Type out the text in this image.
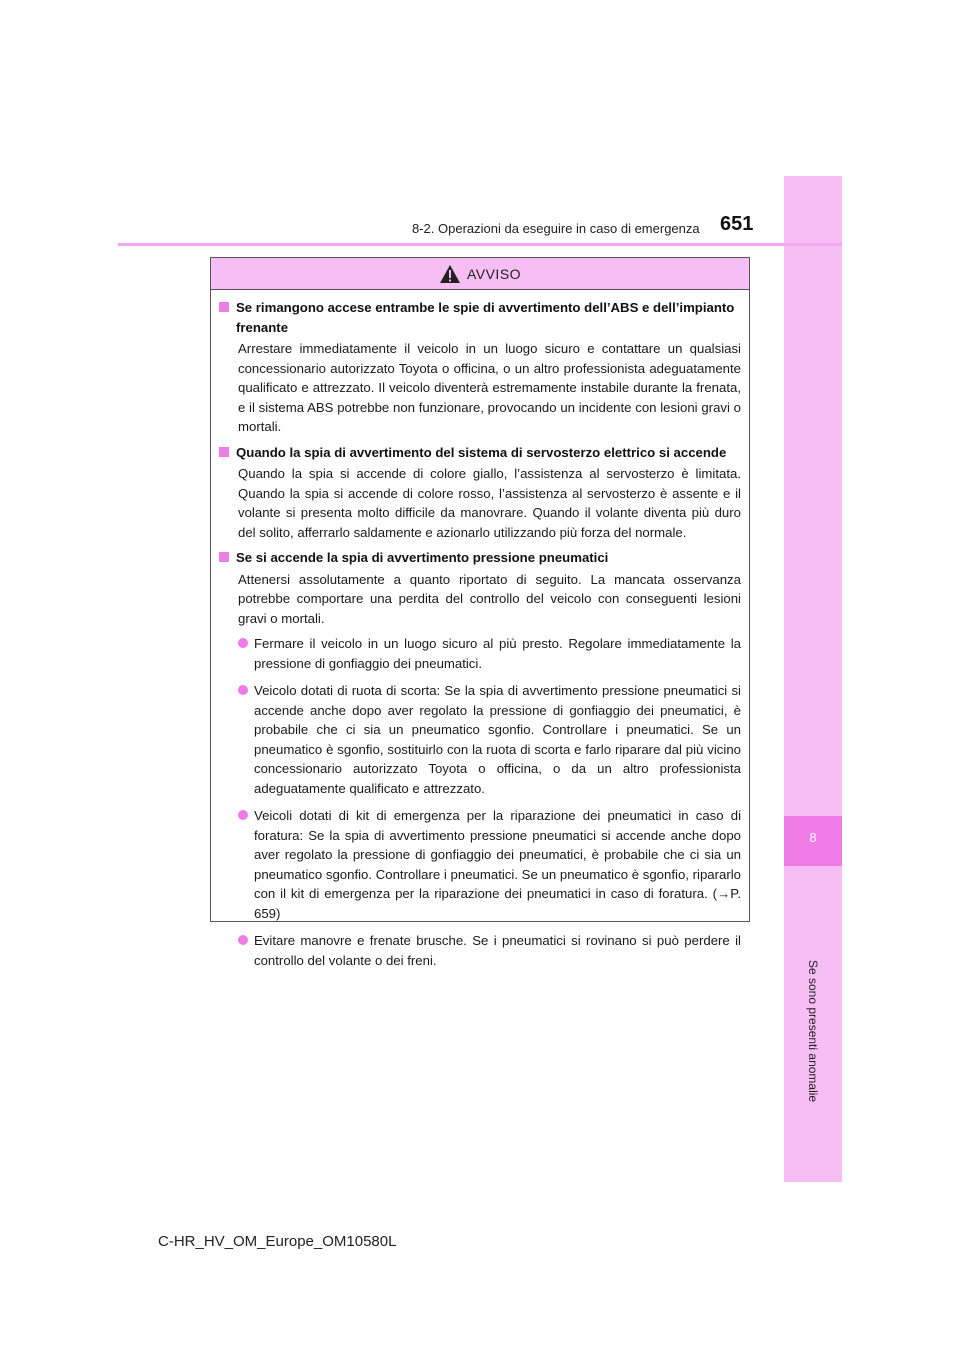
8
Se sono presenti anomalie
8-2. Operazioni da eseguire in caso di emergenza 651
AVVISO
Se rimangono accese entrambe le spie di avvertimento dell’ABS e dell’impianto frenante
Arrestare immediatamente il veicolo in un luogo sicuro e contattare un qualsiasi concessionario autorizzato Toyota o officina, o un altro professionista adeguatamente qualificato e attrezzato. Il veicolo diventerà estremamente instabile durante la frenata, e il sistema ABS potrebbe non funzionare, provocando un incidente con lesioni gravi o mortali.
Quando la spia di avvertimento del sistema di servosterzo elettrico si accende
Quando la spia si accende di colore giallo, l’assistenza al servosterzo è limitata. Quando la spia si accende di colore rosso, l’assistenza al servosterzo è assente e il volante si presenta molto difficile da manovrare. Quando il volante diventa più duro del solito, afferrarlo saldamente e azionarlo utilizzando più forza del normale.
Se si accende la spia di avvertimento pressione pneumatici
Attenersi assolutamente a quanto riportato di seguito. La mancata osservanza potrebbe comportare una perdita del controllo del veicolo con conseguenti lesioni gravi o mortali.
Fermare il veicolo in un luogo sicuro al più presto. Regolare immediatamente la pressione di gonfiaggio dei pneumatici.
Veicolo dotati di ruota di scorta: Se la spia di avvertimento pressione pneumatici si accende anche dopo aver regolato la pressione di gonfiaggio dei pneumatici, è probabile che ci sia un pneumatico sgonfio. Controllare i pneumatici. Se un pneumatico è sgonfio, sostituirlo con la ruota di scorta e farlo riparare dal più vicino concessionario autorizzato Toyota o officina, o da un altro professionista adeguatamente qualificato e attrezzato.
Veicoli dotati di kit di emergenza per la riparazione dei pneumatici in caso di foratura: Se la spia di avvertimento pressione pneumatici si accende anche dopo aver regolato la pressione di gonfiaggio dei pneumatici, è probabile che ci sia un pneumatico sgonfio. Controllare i pneumatici. Se un pneumatico è sgonfio, ripararlo con il kit di emergenza per la riparazione dei pneumatici in caso di foratura. (→P. 659)
Evitare manovre e frenate brusche. Se i pneumatici si rovinano si può perdere il controllo del volante o dei freni.
C-HR_HV_OM_Europe_OM10580L
